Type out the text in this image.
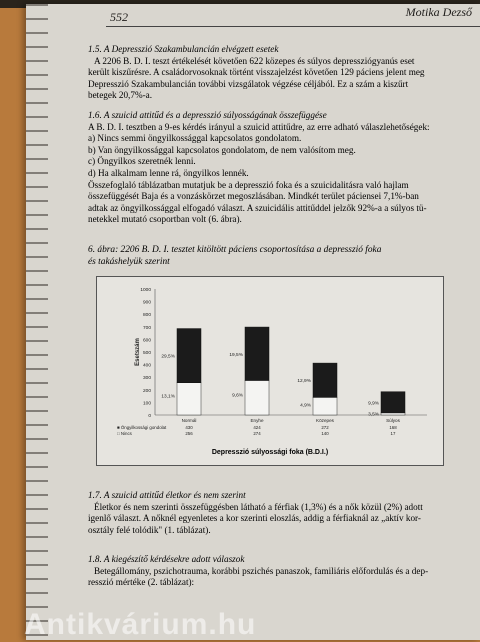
552	Motika Dezső

1.5. A Depresszió Szakambulancián elvégzett esetek

A 2206 B. D. I. teszt értékelését követően 622 közepes és súlyos depressziógyanús eset

került kiszűrésre. A családorvosoknak történt visszajelzést követően 129 páciens jelent meg

Depresszió Szakambulancián további vizsgálatok végzése céljából. Ez a szám a kiszűrt

betegek 20,7%-a.

1.6. A szuicid attitűd és a depresszió súlyosságának összefüggése

A B. D. I. tesztben a 9-es kérdés irányul a szuicid attitűdre, az erre adható válaszlehetőségek:

a) Nincs semmi öngyilkossággal kapcsolatos gondolatom.

b) Van öngyilkossággal kapcsolatos gondolatom, de nem valósítom meg.

c) Öngyilkos szeretnék lenni.

d) Ha alkalmam lenne rá, öngyilkos lennék.

Összefoglaló táblázatban mutatjuk be a depresszió foka és a szuicidalitásra való hajlam

összefüggését Baja és a vonzáskörzet megoszlásában. Mindkét terület páciensei 7,1%-ban

adtak az öngyilkossággal elfogadó választ. A szuicidális attitűddel jelzők 92%-a a súlyos tü-

netekkel mutató csoportban volt (6. ábra).

6. ábra: 2206 B. D. I. tesztet kitöltött páciens csoportosítása a depresszió foka
és takáshelyük szerint
1000
900
800
700
600
500
400
300
200
100
0
Esetszám	29,5%
13,1%
Normál
19,5%
9,6%
Enyhe
12,9%
4,9%
Közepes
9,9%
3,5%
Súlyos
■ Öngyilkossági gondolat	430	424	272	168
□ Nincs	256	274	140	17
Depresszió súlyossági foka (B.D.I.)

1.7. A szuicid attitűd életkor és nem szerint

Életkor és nem szerinti összefüggésben látható a férfiak (1,3%) és a nők közül (2%) adott

igenlő választ. A nőknél egyenletes a kor szerinti eloszlás, addig a férfiaknál az „aktív kor-

osztály felé tolódik" (1. táblázat).

1.8. A kiegészítő kérdésekre adott válaszok

Betegállomány, pszichotrauma, korábbi pszichés panaszok, familiáris előfordulás és a dep-

resszió mértéke (2. táblázat):

Antikvárium.hu
